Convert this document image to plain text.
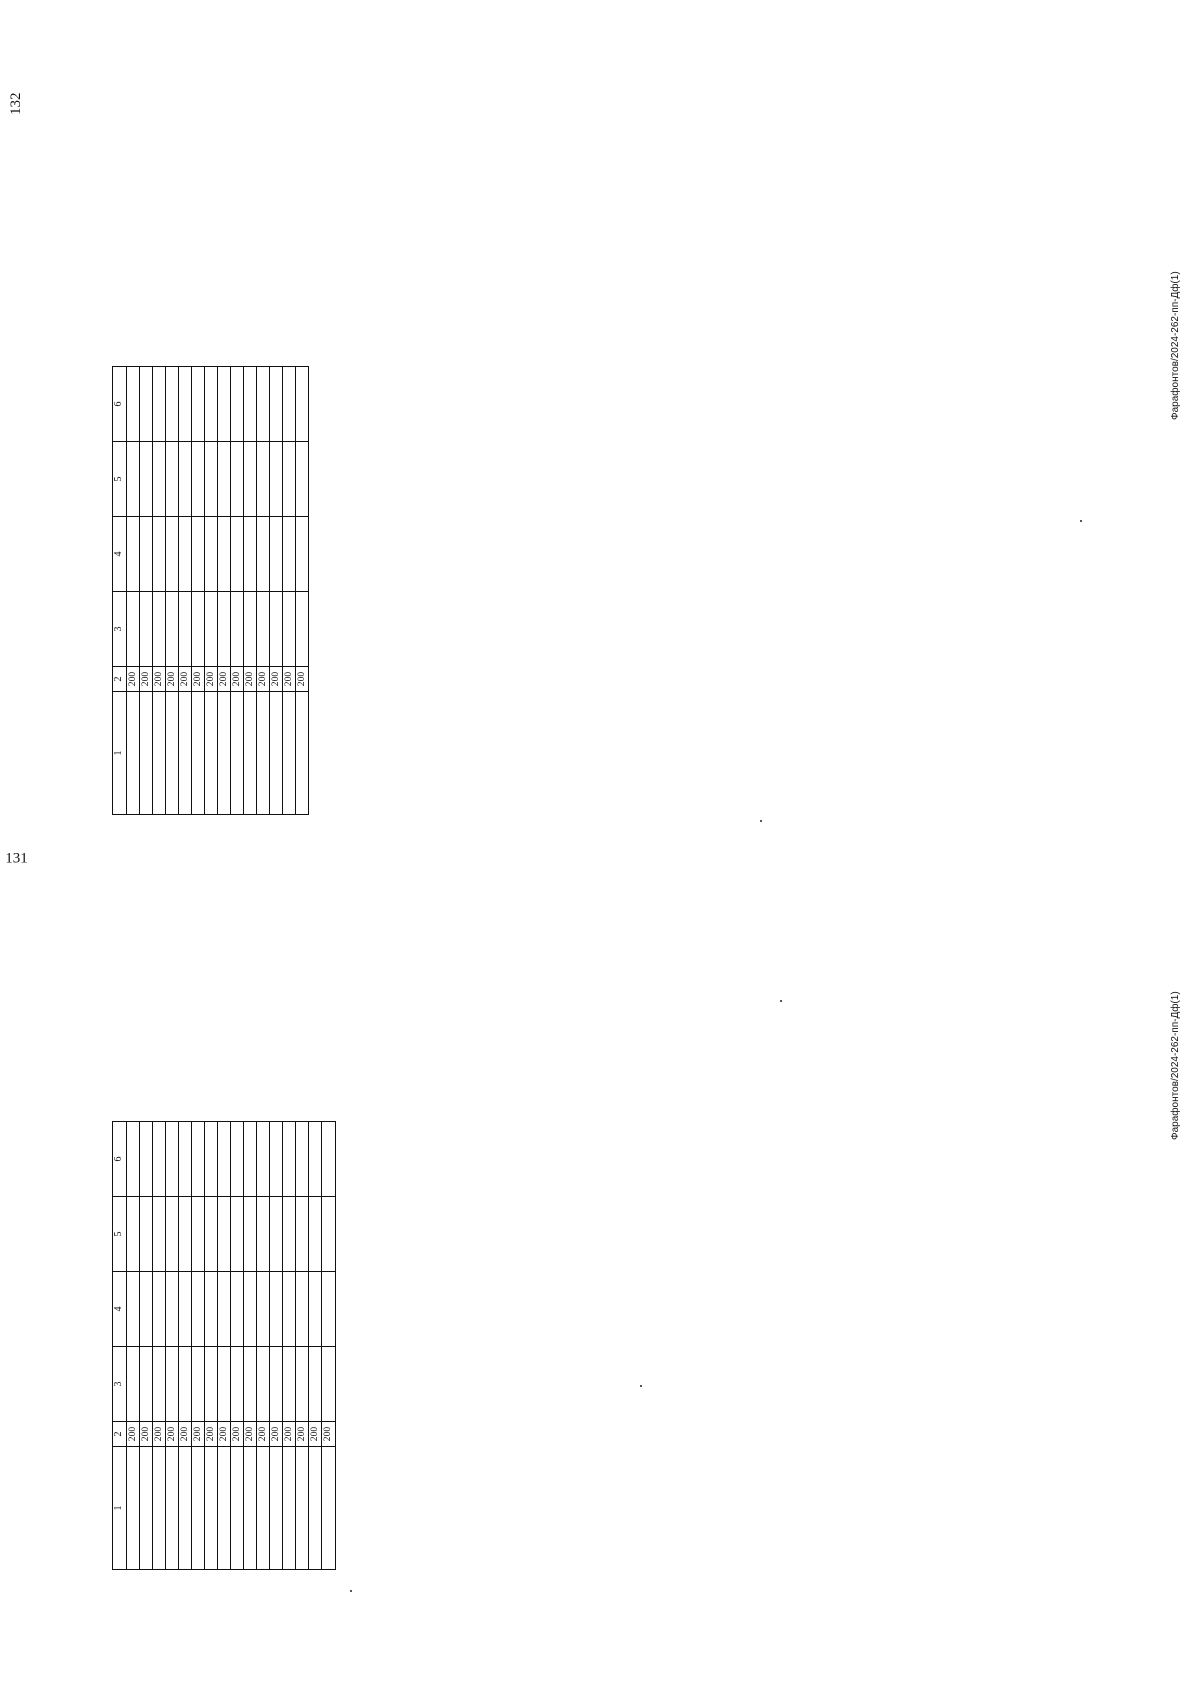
131
1	2	3	4	5	6
	200				
	200				
	200				
	200				
	200				
	200				
	200				
	200				
	200				
	200				
	200				
	200				
	200				
	200				
	200				
	200				
132
1	2	3	4	5	6
	200				
	200				
	200				
	200				
	200				
	200				
	200				
	200				
	200				
	200				
	200				
	200				
	200				
	200				
Фарафонтов/2024-262-пп-Дф(1)
Фарафонтов/2024-262-пп-Дф(1)
